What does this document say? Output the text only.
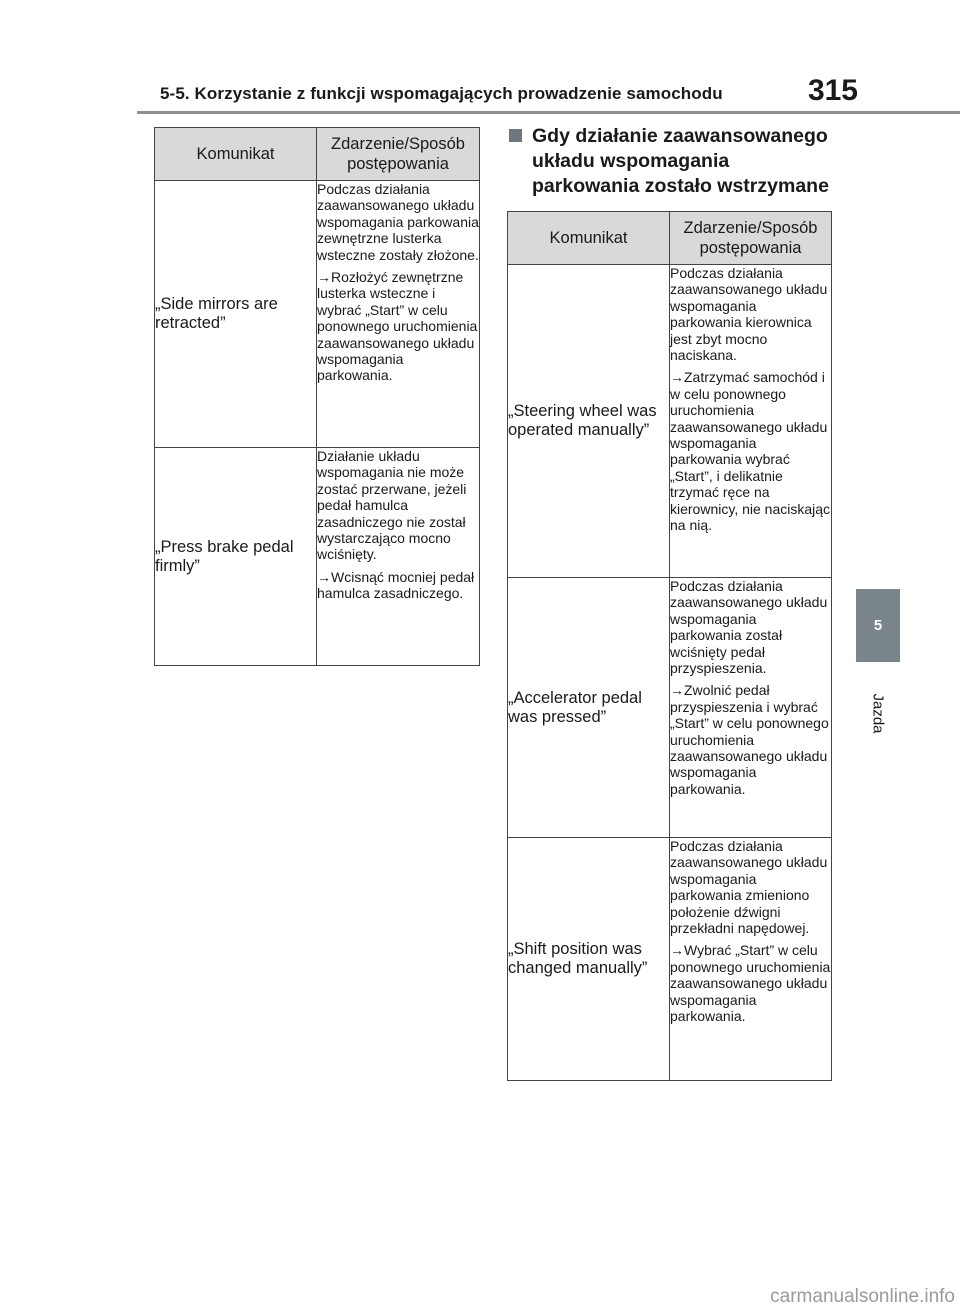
5-5. Korzystanie z funkcji wspomagających prowadzenie samochodu	315
5
Jazda
Komunikat	Zdarzenie/Sposób postępowania
„Side mirrors are retracted”	Podczas działania zaawansowanego układu wspomagania parkowania zewnętrzne lusterka wsteczne zostały złożone.

→Rozłożyć zewnętrzne lusterka wsteczne i wybrać „Start” w celu ponownego uruchomienia zaawansowanego układu wspomagania parkowania.

„Press brake pedal firmly”	Działanie układu wspomagania nie może zostać przerwane, jeżeli pedał hamulca zasadniczego nie został wystarczająco mocno wciśnięty.

→Wcisnąć mocniej pedał hamulca zasadniczego.

Gdy działanie zaawansowanego układu wspomagania parkowania zostało wstrzymane
Komunikat	Zdarzenie/Sposób postępowania
„Steering wheel was operated manually”	Podczas działania zaawansowanego układu wspomagania parkowania kierownica jest zbyt mocno naciskana.

→Zatrzymać samochód i w celu ponownego uruchomienia zaawansowanego układu wspomagania parkowania wybrać „Start”, i delikatnie trzymać ręce na kierownicy, nie naciskając na nią.

„Accelerator pedal was pressed”	Podczas działania zaawansowanego układu wspomagania parkowania został wciśnięty pedał przyspieszenia.

→Zwolnić pedał przyspieszenia i wybrać „Start” w celu ponownego uruchomienia zaawansowanego układu wspomagania parkowania.

„Shift position was changed manually”	Podczas działania zaawansowanego układu wspomagania parkowania zmieniono położenie dźwigni przekładni napędowej.

→Wybrać „Start” w celu ponownego uruchomienia zaawansowanego układu wspomagania parkowania.

carmanualsonline.info
